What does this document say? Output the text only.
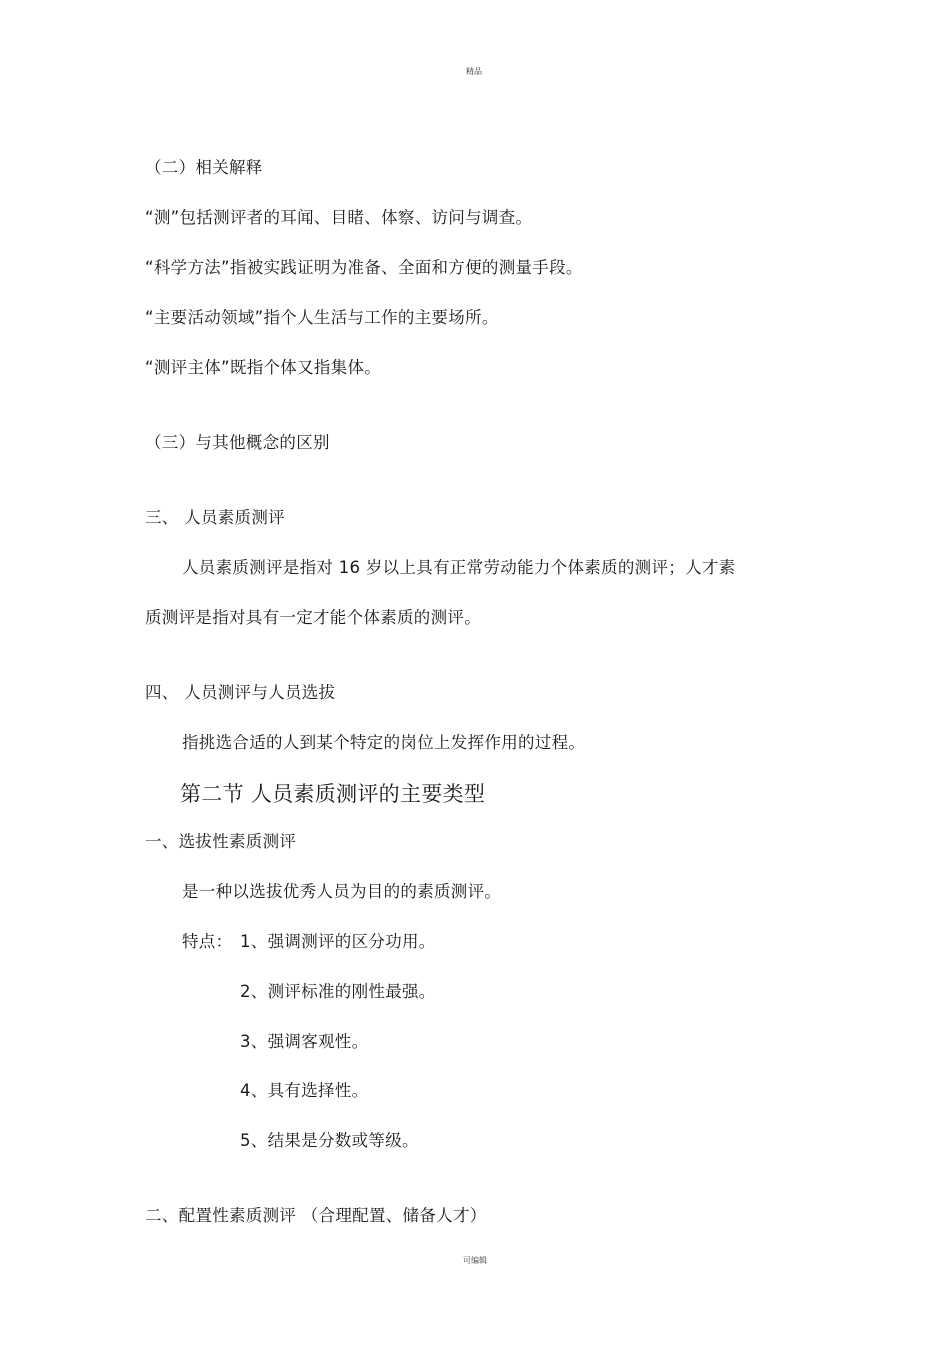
精品
（二）相关解释
“测”包括测评者的耳闻、目睹、体察、访问与调查。
“科学方法”指被实践证明为准备、全面和方便的测量手段。
“主要活动领域”指个人生活与工作的主要场所。
“测评主体”既指个体又指集体。
（三）与其他概念的区别
三、 人员素质测评
人员素质测评是指对 16 岁以上具有正常劳动能力个体素质的测评；人才素
质测评是指对具有一定才能个体素质的测评。
四、 人员测评与人员选拔
指挑选合适的人到某个特定的岗位上发挥作用的过程。
第二节 人员素质测评的主要类型
一、选拔性素质测评
是一种以选拔优秀人员为目的的素质测评。
特点： 1、强调测评的区分功用。
2、测评标准的刚性最强。
3、强调客观性。
4、具有选择性。
5、结果是分数或等级。
二、配置性素质测评 （合理配置、储备人才）
可编辑
